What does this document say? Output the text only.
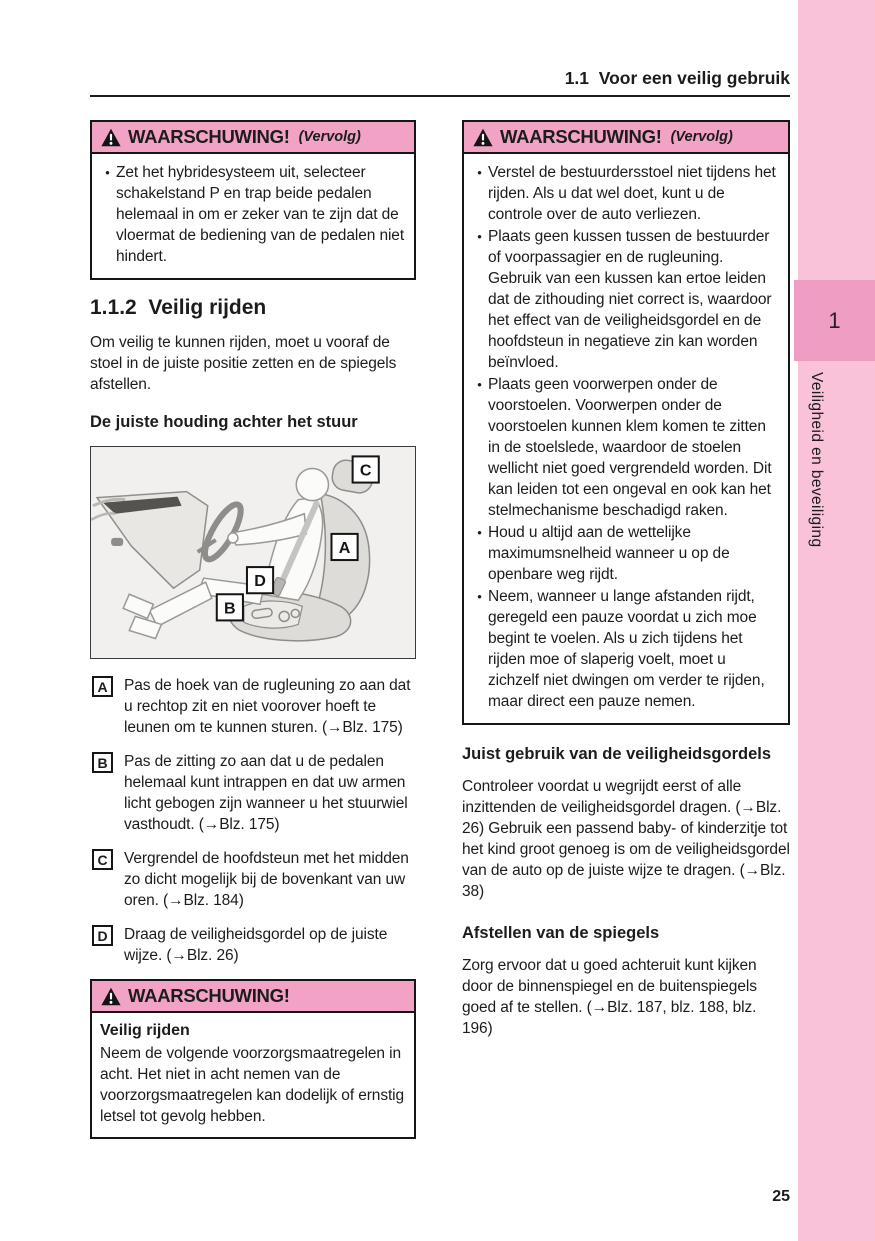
1
Veiligheid en beveiliging
1.1  Voor een veilig gebruik
WAARSCHUWING! (Vervolg)
• Zet het hybridesysteem uit, selecteer schakelstand P en trap beide pedalen helemaal in om er zeker van te zijn dat de vloermat de bediening van de pedalen niet hindert.
1.1.2  Veilig rijden

Om veilig te kunnen rijden, moet u vooraf de stoel in de juiste positie zetten en de spiegels afstellen.

De juiste houding achter het stuur
C
A
D
B
A	Pas de hoek van de rugleuning zo aan dat u rechtop zit en niet voorover hoeft te leunen om te kunnen sturen. (→Blz. 175)
B	Pas de zitting zo aan dat u de pedalen helemaal kunt intrappen en dat uw armen licht gebogen zijn wanneer u het stuurwiel vasthoudt. (→Blz. 175)
C	Vergrendel de hoofdsteun met het midden zo dicht mogelijk bij de bovenkant van uw oren. (→Blz. 184)
D	Draag de veiligheidsgordel op de juiste wijze. (→Blz. 26)
WAARSCHUWING!
Veilig rijden

Neem de volgende voorzorgsmaatregelen in acht. Het niet in acht nemen van de voorzorgsmaatregelen kan dodelijk of ernstig letsel tot gevolg hebben.

WAARSCHUWING! (Vervolg)
• Verstel de bestuurdersstoel niet tijdens het rijden. Als u dat wel doet, kunt u de controle over de auto verliezen.
• Plaats geen kussen tussen de bestuurder of voorpassagier en de rugleuning. Gebruik van een kussen kan ertoe leiden dat de zithouding niet correct is, waardoor het effect van de veiligheidsgordel en de hoofdsteun in negatieve zin kan worden beïnvloed.
• Plaats geen voorwerpen onder de voorstoelen. Voorwerpen onder de voorstoelen kunnen klem komen te zitten in de stoelslede, waardoor de stoelen wellicht niet goed vergrendeld worden. Dit kan leiden tot een ongeval en ook kan het stelmechanisme beschadigd raken.
• Houd u altijd aan de wettelijke maximumsnelheid wanneer u op de openbare weg rijdt.
• Neem, wanneer u lange afstanden rijdt, geregeld een pauze voordat u zich moe begint te voelen. Als u zich tijdens het rijden moe of slaperig voelt, moet u zichzelf niet dwingen om verder te rijden, maar direct een pauze nemen.
Juist gebruik van de veiligheidsgordels

Controleer voordat u wegrijdt eerst of alle inzittenden de veiligheidsgordel dragen. (→Blz. 26) Gebruik een passend baby- of kinderzitje tot het kind groot genoeg is om de veiligheidsgordel van de auto op de juiste wijze te dragen. (→Blz. 38)

Afstellen van de spiegels

Zorg ervoor dat u goed achteruit kunt kijken door de binnenspiegel en de buitenspiegels goed af te stellen. (→Blz. 187, blz. 188, blz. 196)

25
